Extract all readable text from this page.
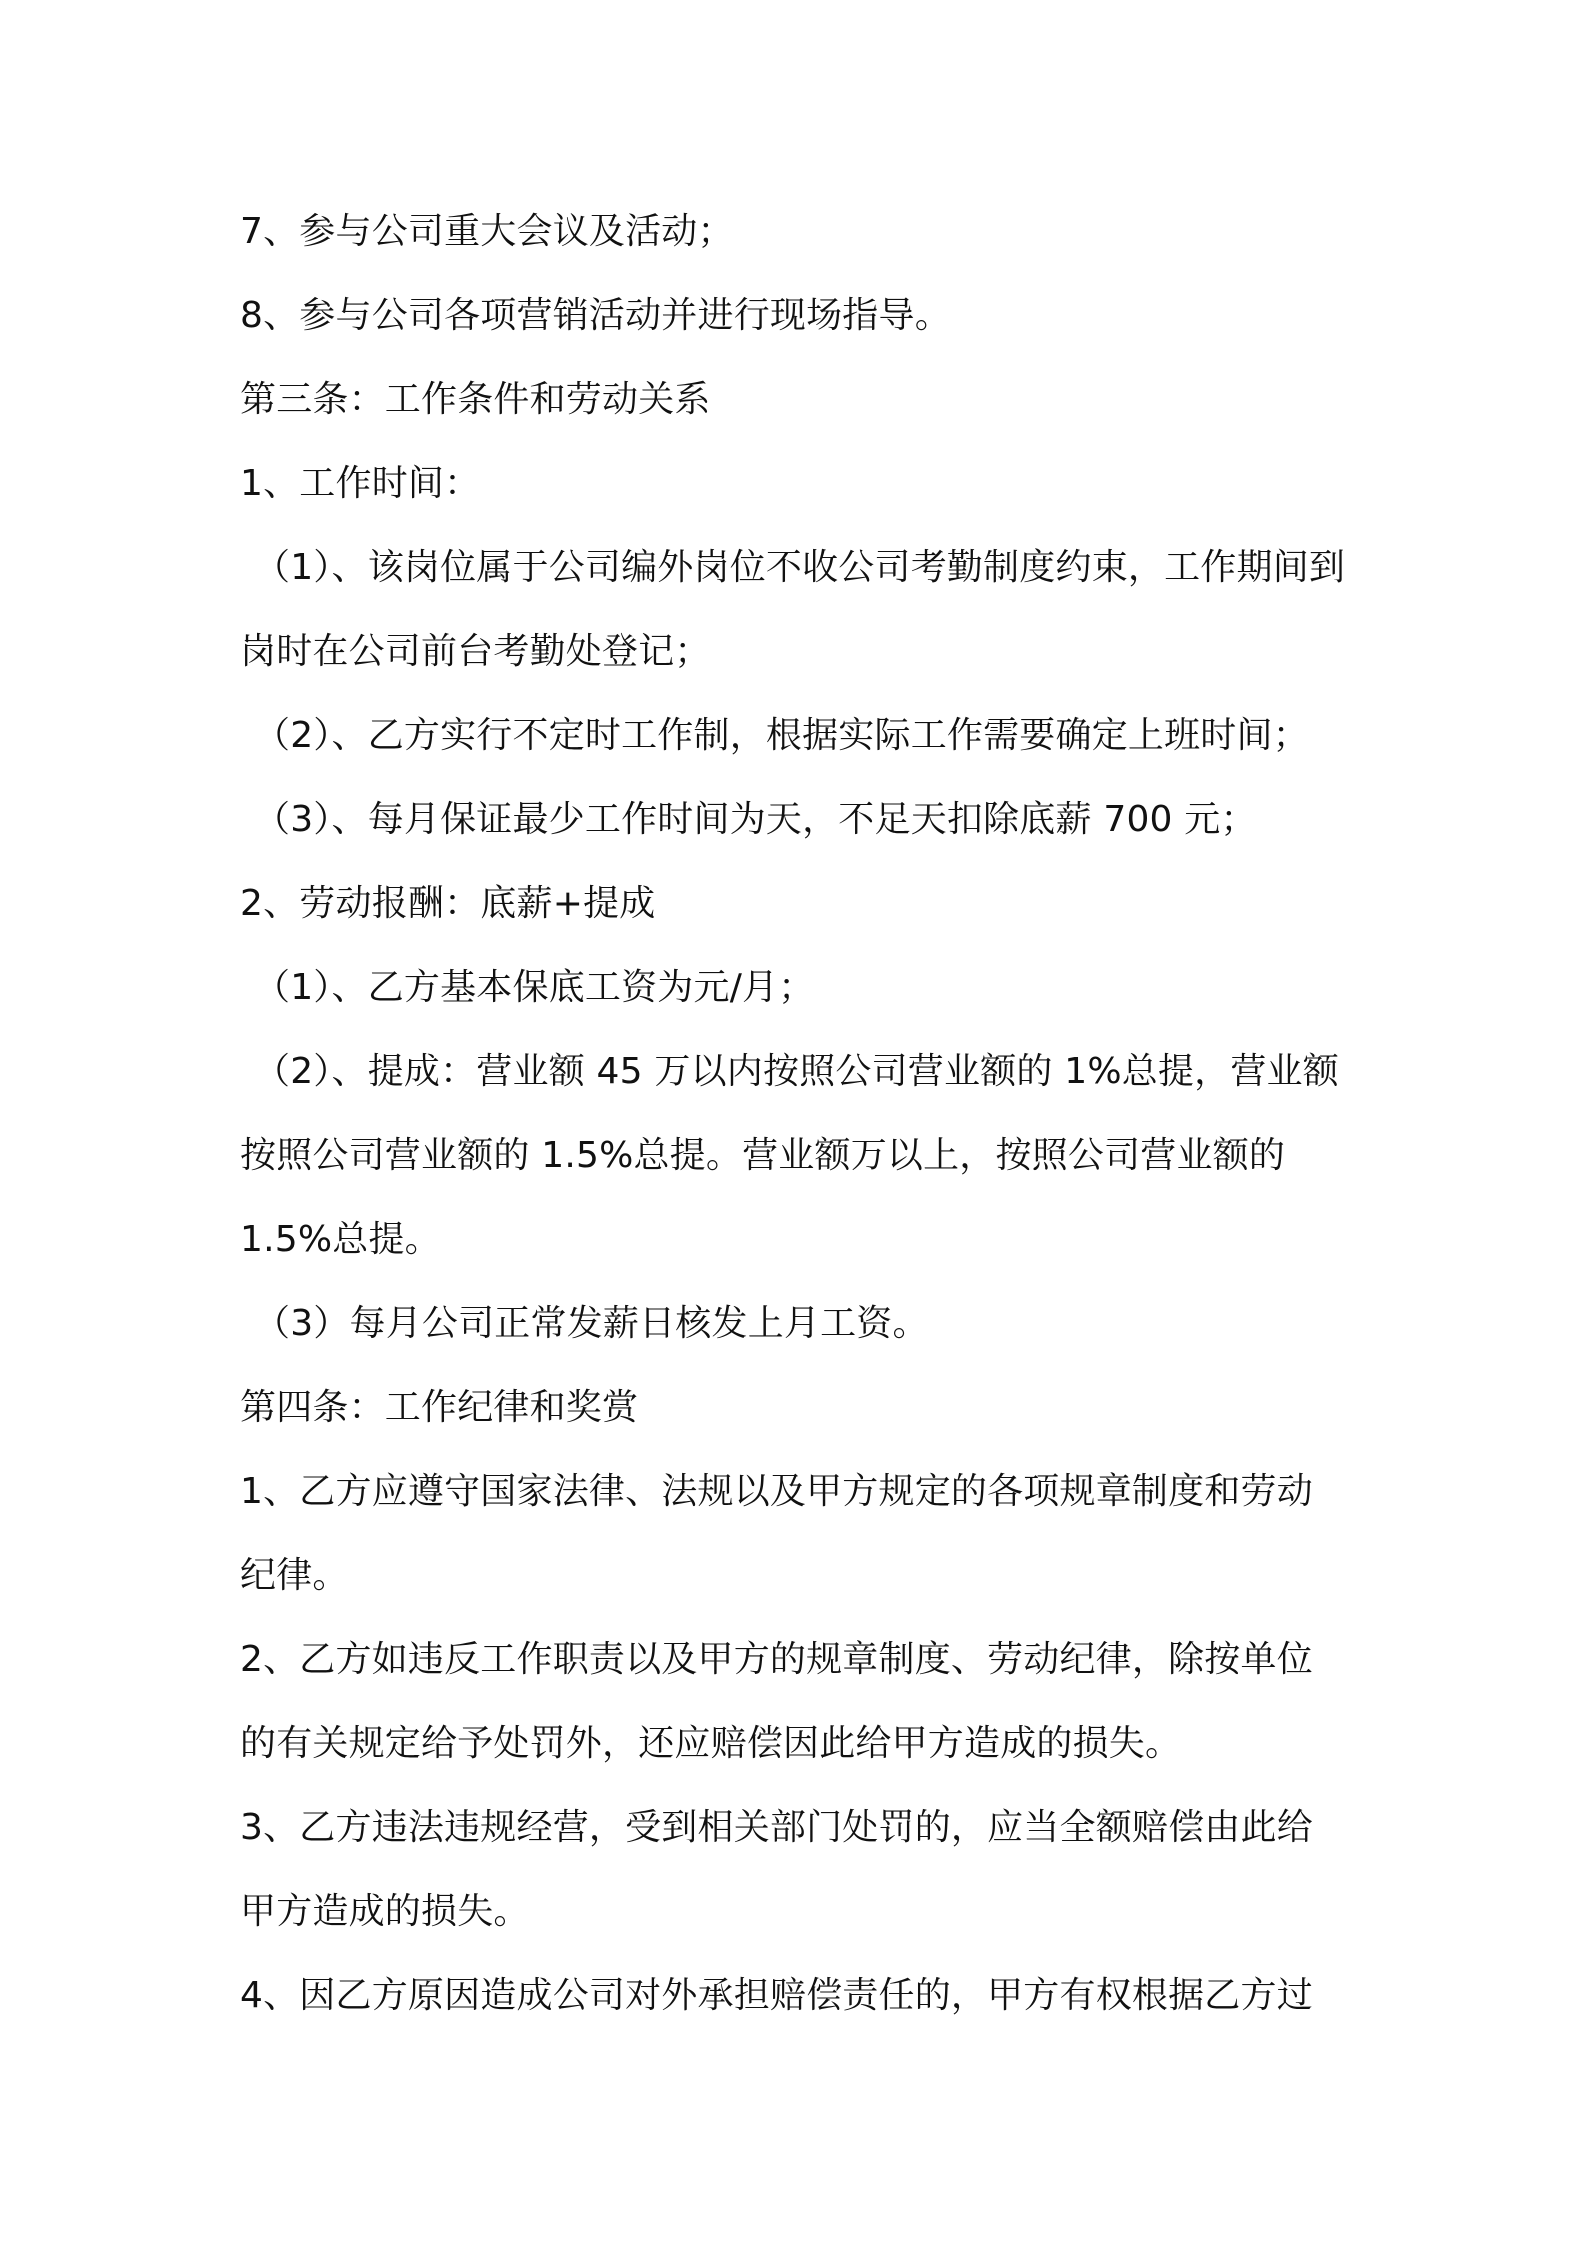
7、参与公司重大会议及活动；
8、参与公司各项营销活动并进行现场指导。
第三条：工作条件和劳动关系
1、工作时间：
（1）、该岗位属于公司编外岗位不收公司考勤制度约束，工作期间到
岗时在公司前台考勤处登记；
（2）、乙方实行不定时工作制，根据实际工作需要确定上班时间；
（3）、每月保证最少工作时间为天，不足天扣除底薪 700 元；
2、劳动报酬：底薪+提成
（1）、乙方基本保底工资为元/月；
（2）、提成：营业额 45 万以内按照公司营业额的 1%总提，营业额
按照公司营业额的 1.5%总提。营业额万以上，按照公司营业额的
1.5%总提。
（3）每月公司正常发薪日核发上月工资。
第四条：工作纪律和奖赏
1、乙方应遵守国家法律、法规以及甲方规定的各项规章制度和劳动
纪律。
2、乙方如违反工作职责以及甲方的规章制度、劳动纪律，除按单位
的有关规定给予处罚外，还应赔偿因此给甲方造成的损失。
3、乙方违法违规经营，受到相关部门处罚的，应当全额赔偿由此给
甲方造成的损失。
4、因乙方原因造成公司对外承担赔偿责任的，甲方有权根据乙方过
